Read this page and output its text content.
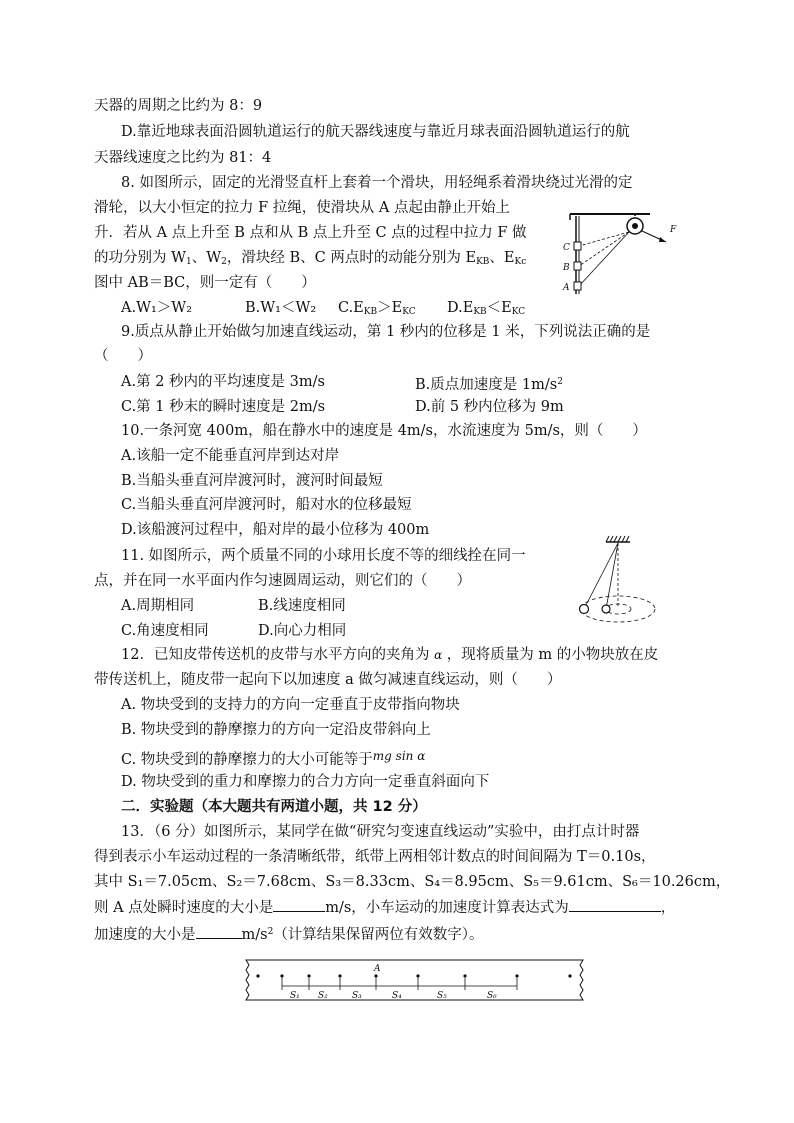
天器的周期之比约为 8：9
D.靠近地球表面沿圆轨道运行的航天器线速度与靠近月球表面沿圆轨道运行的航
天器线速度之比约为 81：4
8. 如图所示，固定的光滑竖直杆上套着一个滑块，用轻绳系着滑块绕过光滑的定
滑轮，以大小恒定的拉力 F 拉绳，使滑块从 A 点起由静止开始上
升．若从 A 点上升至 B 点和从 B 点上升至 C 点的过程中拉力 F 做
的功分别为 $W_1$、$W_2$，滑块经 B、C 两点时的动能分别为 $E_{KB}$、$E_{Kc}$
图中 AB＝BC，则一定有（　　）
A.W₁＞W₂	B.W₁＜W₂ $C.E_{KB}>E_{KC}$ $D.E_{KB}<E_{KC}$
F
C
B
A
9.质点从静止开始做匀加速直线运动，第 1 秒内的位移是 1 米，下列说法正确的是
（　　）
A.第 2 秒内的平均速度是 3m/s	B.质点加速度是 $1m/s^2$
C.第 1 秒末的瞬时速度是 2m/s	D.前 5 秒内位移为 9m
10.一条河宽 400m，船在静水中的速度是 4m/s，水流速度为 5m/s，则（　　）
A.该船一定不能垂直河岸到达对岸
B.当船头垂直河岸渡河时，渡河时间最短
C.当船头垂直河岸渡河时，船对水的位移最短
D.该船渡河过程中，船对岸的最小位移为 400m
11. 如图所示，两个质量不同的小球用长度不等的细线拴在同一
点，并在同一水平面内作匀速圆周运动，则它们的（　　）
A.周期相同	B.线速度相同
C.角速度相同	D.向心力相同
12．已知皮带传送机的皮带与水平方向的夹角为 α ，现将质量为 m 的小物块放在皮
带传送机上，随皮带一起向下以加速度 a 做匀减速直线运动，则（　　）
A. 物块受到的支持力的方向一定垂直于皮带指向物块
B. 物块受到的静摩擦力的方向一定沿皮带斜向上
C. 物块受到的静摩擦力的大小可能等于$^{mg sin \alpha}$
D. 物块受到的重力和摩擦力的合力方向一定垂直斜面向下
二．实验题（本大题共有两道小题，共 12 分）
13．（6 分）如图所示，某同学在做“研究匀变速直线运动”实验中，由打点计时器
得到表示小车运动过程的一条清晰纸带，纸带上两相邻计数点的时间间隔为 T＝0.10s，
其中 S₁＝7.05cm、S₂＝7.68cm、S₃＝8.33cm、S₄＝8.95cm、S₅＝9.61cm、S₆＝10.26cm，
则 A 点处瞬时速度的大小是	m/s，小车运动的加速度计算表达式为	，
加速度的大小是	$m/s^2$（计算结果保留两位有效数字）。
A
S₁ S₂	S₃	S₄	S₅	S₆
